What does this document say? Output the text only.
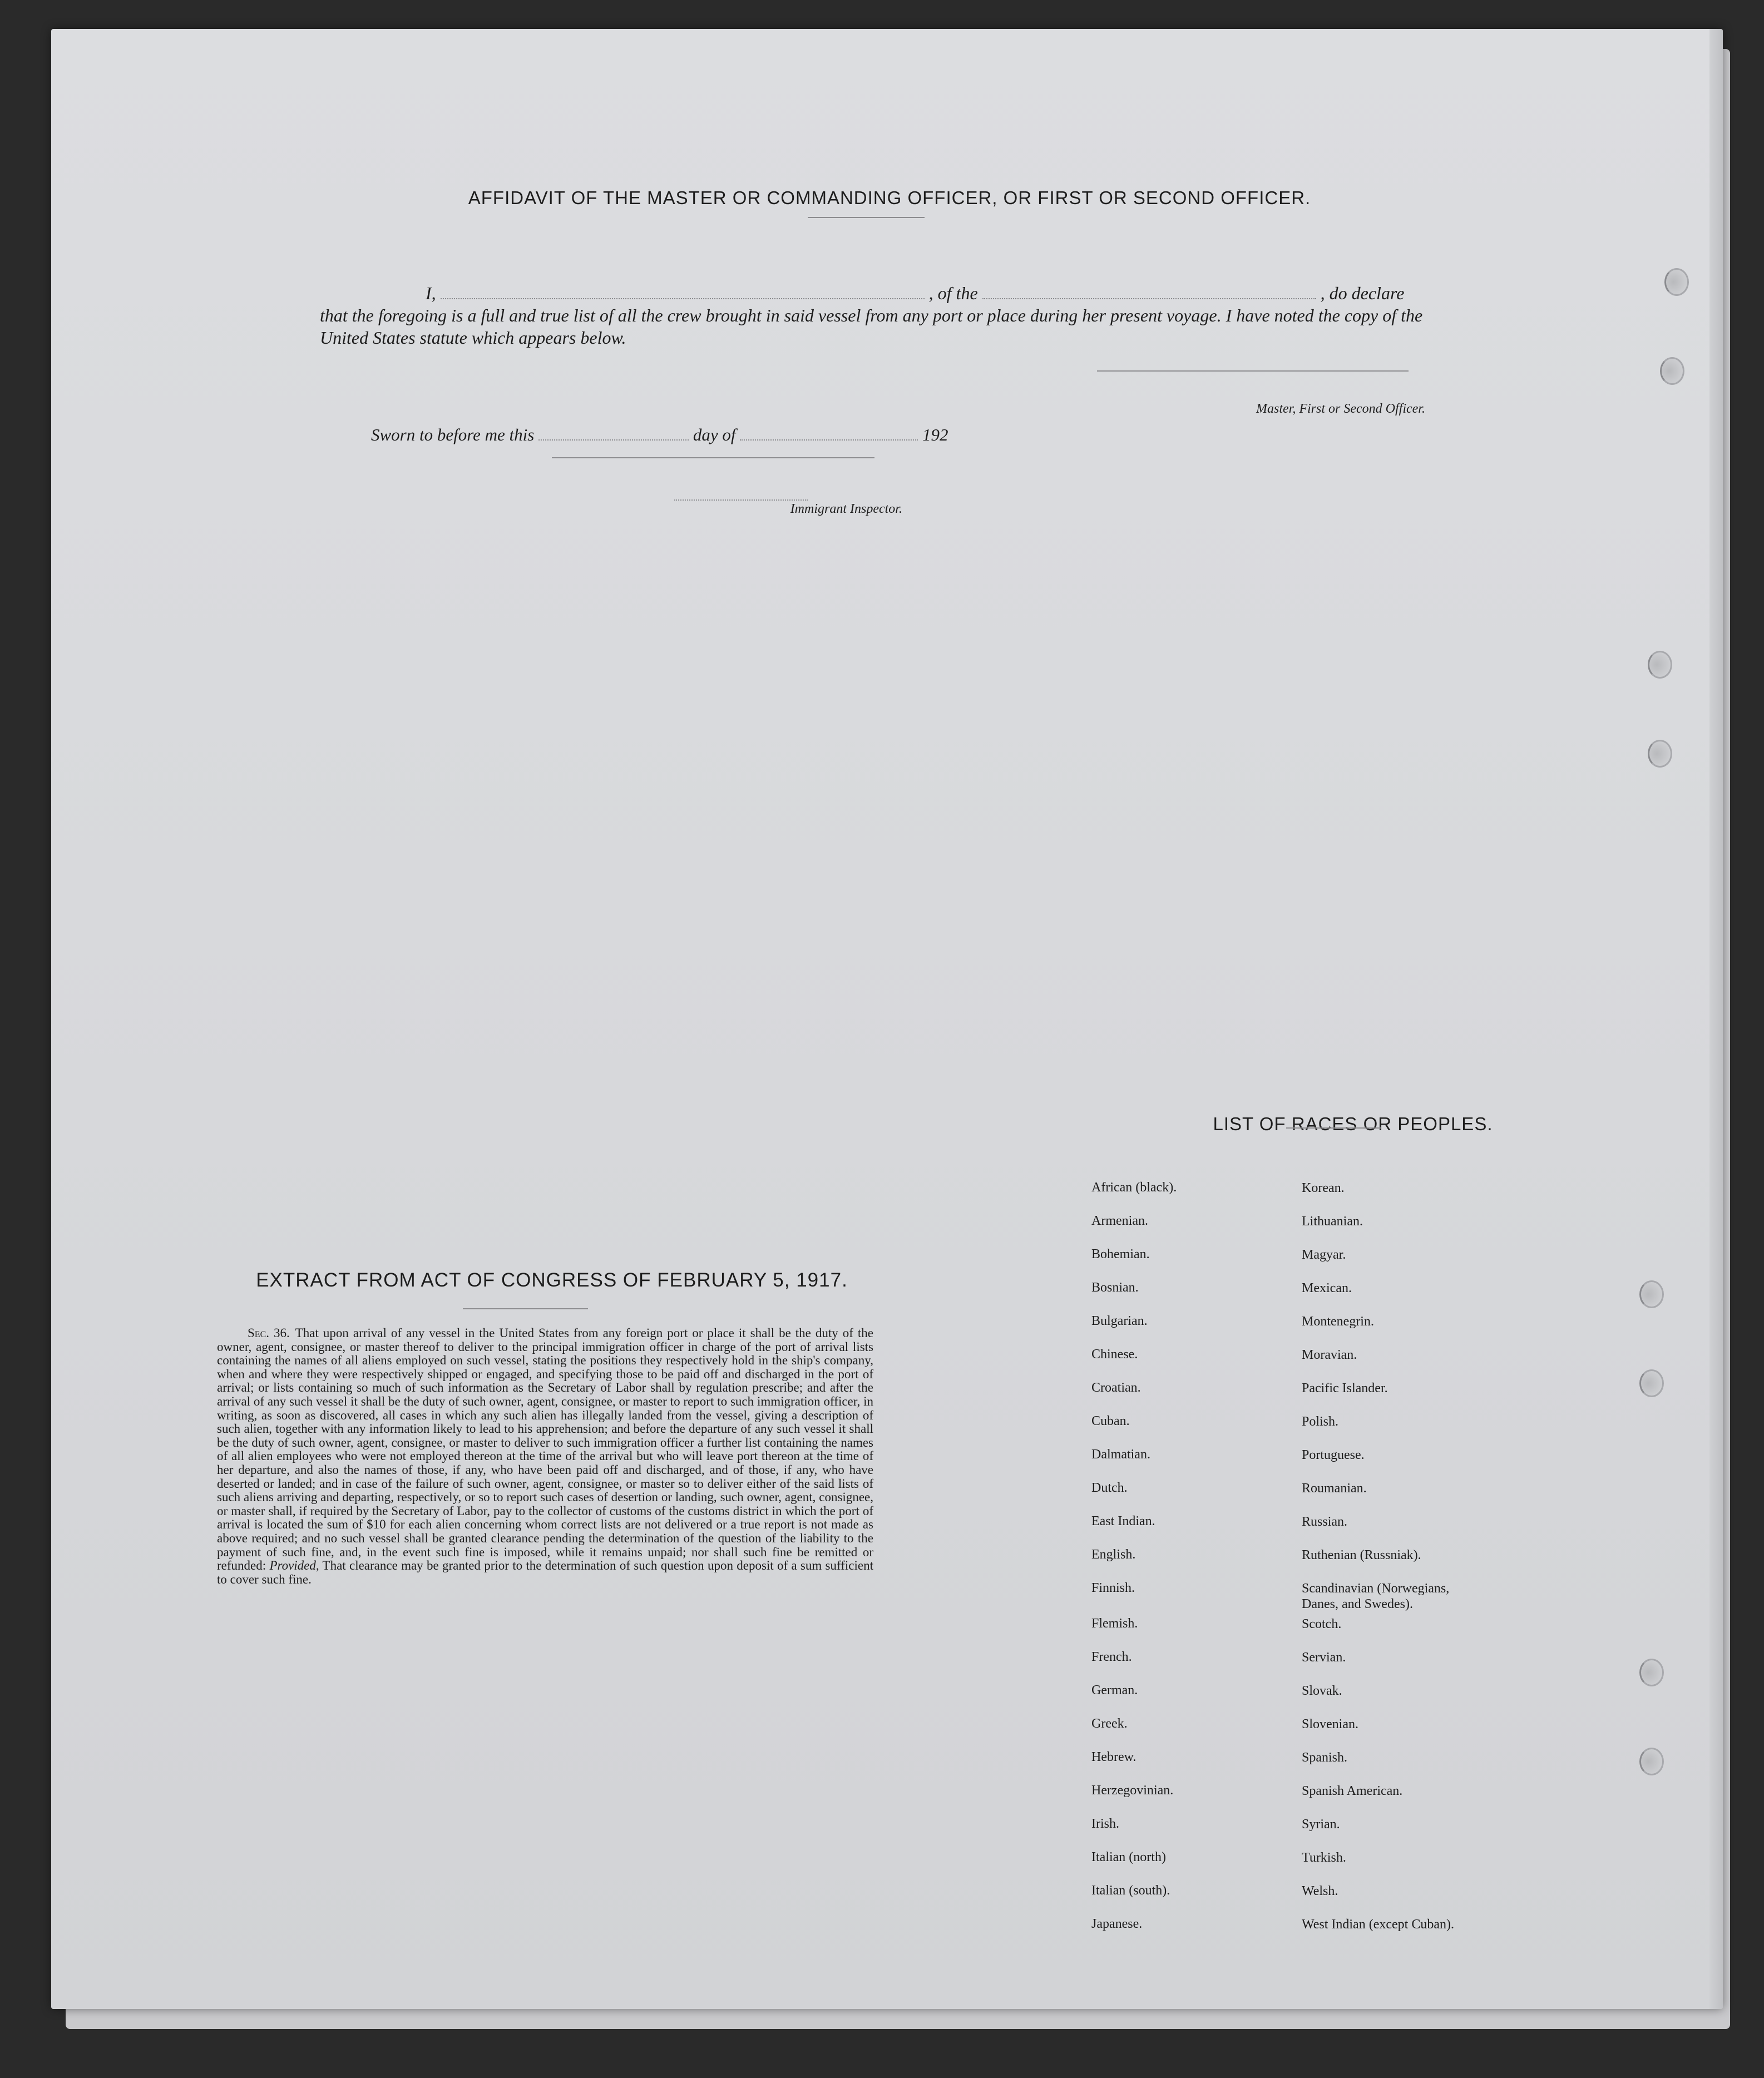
AFFIDAVIT OF THE MASTER OR COMMANDING OFFICER, OR FIRST OR SECOND OFFICER.
I,	, of the	, do declare
that the foregoing is a full and true list of all the crew brought in said vessel from any port or place during her present voyage. I have noted the copy of the United States statute which appears below.
Master, First or Second Officer.
Sworn to before me this	day of	192
Immigrant Inspector.
LIST OF RACES OR PEOPLES.
African (black).	Korean.
Armenian.	Lithuanian.
Bohemian.	Magyar.
Bosnian.	Mexican.
Bulgarian.	Montenegrin.
Chinese.	Moravian.
Croatian.	Pacific Islander.
Cuban.	Polish.
Dalmatian.	Portuguese.
Dutch.	Roumanian.
East Indian.	Russian.
English.	Ruthenian (Russniak).
Finnish.	Scandinavian (Norwegians, Danes, and Swedes).
Flemish.	Scotch.
French.	Servian.
German.	Slovak.
Greek.	Slovenian.
Hebrew.	Spanish.
Herzegovinian.	Spanish American.
Irish.	Syrian.
Italian (north)	Turkish.
Italian (south).	Welsh.
Japanese.	West Indian (except Cuban).
EXTRACT FROM ACT OF CONGRESS OF FEBRUARY 5, 1917.
Sec. 36. That upon arrival of any vessel in the United States from any foreign port or place it shall be the duty of the owner, agent, consignee, or master thereof to deliver to the principal immigration officer in charge of the port of arrival lists containing the names of all aliens employed on such vessel, stating the positions they respectively hold in the ship's company, when and where they were respectively shipped or engaged, and specifying those to be paid off and discharged in the port of arrival; or lists containing so much of such information as the Secretary of Labor shall by regulation prescribe; and after the arrival of any such vessel it shall be the duty of such owner, agent, consignee, or master to report to such immigration officer, in writing, as soon as discovered, all cases in which any such alien has illegally landed from the vessel, giving a description of such alien, together with any information likely to lead to his apprehension; and before the departure of any such vessel it shall be the duty of such owner, agent, consignee, or master to deliver to such immigration officer a further list containing the names of all alien employees who were not employed thereon at the time of the arrival but who will leave port thereon at the time of her departure, and also the names of those, if any, who have been paid off and discharged, and of those, if any, who have deserted or landed; and in case of the failure of such owner, agent, consignee, or master so to deliver either of the said lists of such aliens arriving and departing, respectively, or so to report such cases of desertion or landing, such owner, agent, consignee, or master shall, if required by the Secretary of Labor, pay to the collector of customs of the customs district in which the port of arrival is located the sum of $10 for each alien concerning whom correct lists are not delivered or a true report is not made as above required; and no such vessel shall be granted clearance pending the determination of the question of the liability to the payment of such fine, and, in the event such fine is imposed, while it remains unpaid; nor shall such fine be remitted or refunded: Provided, That clearance may be granted prior to the determination of such question upon deposit of a sum sufficient to cover such fine.
